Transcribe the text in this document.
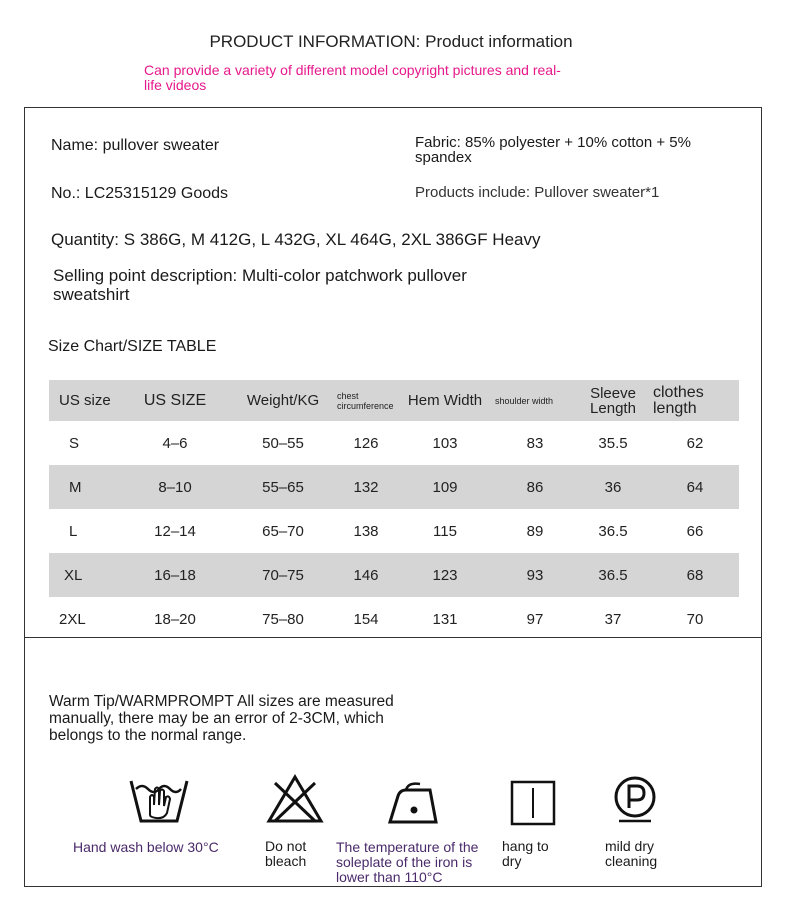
PRODUCT INFORMATION: Product information
Can provide a variety of different model copyright pictures and real-life videos
Name: pullover sweater	Fabric: 85% polyester + 10% cotton + 5% spandex
No.: LC25315129 Goods	Products include: Pullover sweater*1
Quantity: S 386G, M 412G, L 432G, XL 464G, 2XL 386GF Heavy
Selling point description: Multi-color patchwork pullover sweatshirt
Size Chart/SIZE TABLE
US size	US SIZE	Weight/KG	chest circumference	Hem Width	shoulder width	Sleeve Length	clothes length
S	4–6	50–55	126	103	83	35.5	62
M	8–10	55–65	132	109	86	36	64
L	12–14	65–70	138	115	89	36.5	66
XL	16–18	70–75	146	123	93	36.5	68
2XL	18–20	75–80	154	131	97	37	70
Warm Tip/WARMPROMPT All sizes are measured manually, there may be an error of 2-3CM, which belongs to the normal range.
Hand wash below 30°C	Do not bleach
The temperature of the soleplate of the iron is lower than 110°C
hang to dry
mild dry cleaning
